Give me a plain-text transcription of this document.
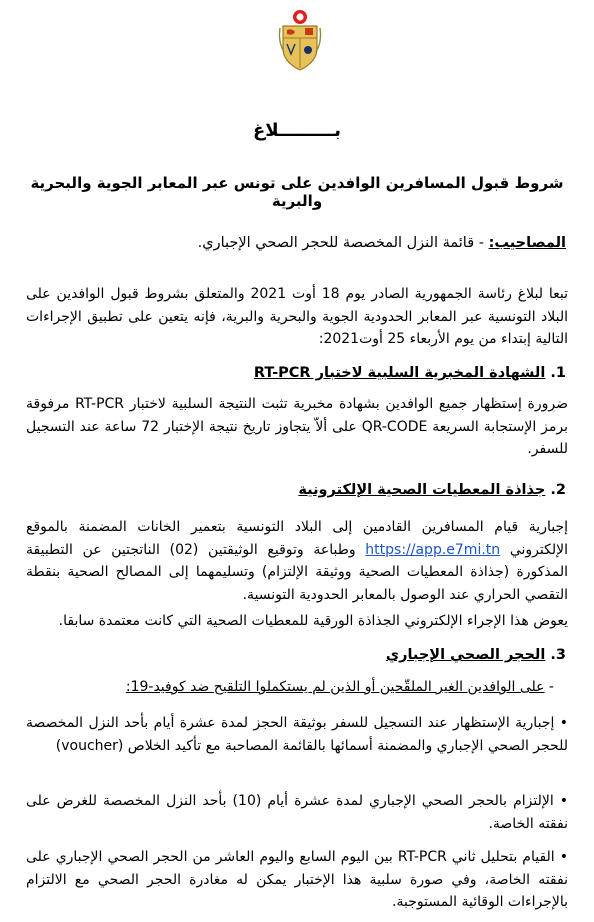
بـــــــــلاغ
شروط قبول المسافرين الوافدين على تونس عبر المعابر الجوية والبحرية والبرية
المصاحيب: - قائمة النزل المخصصة للحجر الصحي الإجباري.
تبعا لبلاغ رئاسة الجمهورية الصادر يوم 18 أوت 2021 والمتعلق بشروط قبول الوافدين على البلاد التونسية عبر المعابر الحدودية الجوية والبحرية والبرية، فإنه يتعين على تطبيق الإجراءات التالية إبتداء من يوم الأربعاء 25 أوت2021:
1. الشهادة المخبرية السلبية لاختبار RT-PCR
ضرورة إستظهار جميع الوافدين بشهادة مخبرية تثبت النتيجة السلبية لاختبار RT-PCR مرفوقة برمز الإستجابة السريعة QR-CODE على ألاّ يتجاوز تاريخ نتيجة الإختبار 72 ساعة عند التسجيل للسفر.
2. جذاذة المعطيات الصحية الإلكترونية
إجبارية قيام المسافرين القادمين إلى البلاد التونسية بتعمير الخانات المضمنة بالموقع الإلكتروني https://app.e7mi.tn وطباعة وتوقيع الوثيقتين (02) الناتجتين عن التطبيقة المذكورة (جذاذة المعطيات الصحية ووثيقة الإلتزام) وتسليمهما إلى المصالح الصحية بنقطة التقصي الحراري عند الوصول بالمعابر الحدودية التونسية.
يعوض هذا الإجراء الإلكتروني الجذاذة الورقية للمعطيات الصحية التي كانت معتمدة سابقا.
3. الحجر الصحي الإجباري
- على الوافدين الغير الملقّحين أو الذين لم يستكملوا التلقيح ضد كوفيد-19:
• إجبارية الإستظهار عند التسجيل للسفر بوثيقة الحجز لمدة عشرة أيام بأحد النزل المخصصة للحجر الصحي الإجباري والمضمنة أسمائها بالقائمة المصاحبة مع تأكيد الخلاص (voucher)
• الإلتزام بالحجر الصحي الإجباري لمدة عشرة أيام (10) بأحد النزل المخصصة للغرض على نفقته الخاصة.
• القيام بتحليل ثاني RT-PCR بين اليوم السابع واليوم العاشر من الحجر الصحي الإجباري على نفقته الخاصة، وفي صورة سلبية هذا الإختبار يمكن له مغادرة الحجر الصحي مع الالتزام بالإجراءات الوقائية المستوجبة.
